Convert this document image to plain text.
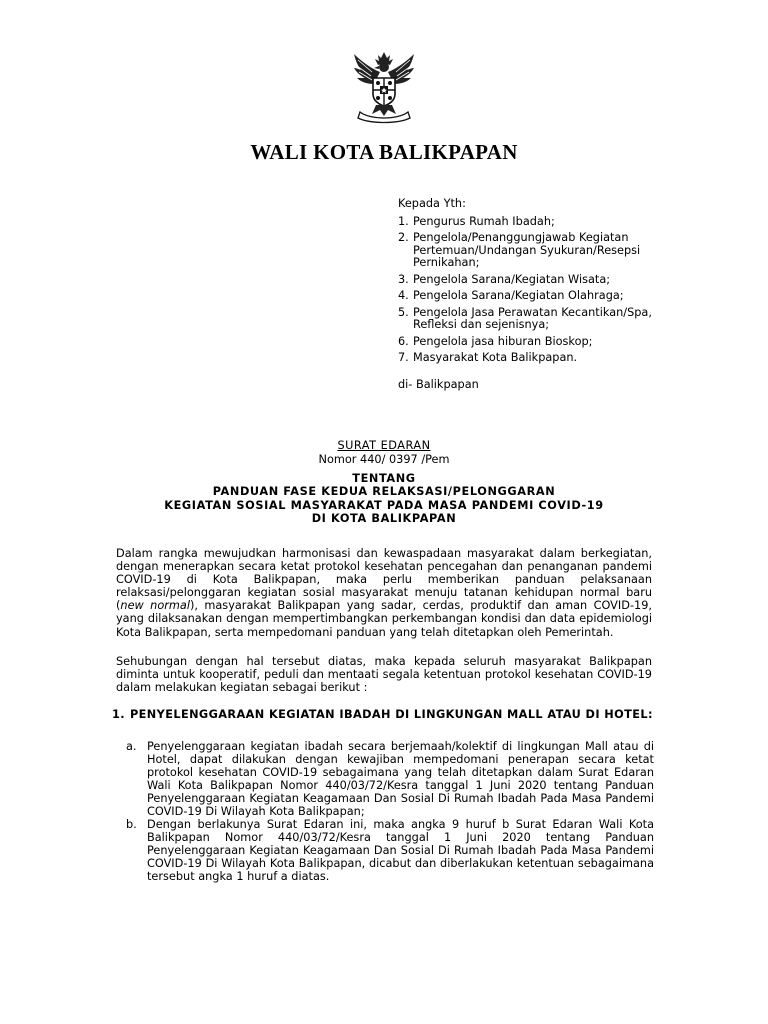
WALI KOTA BALIKPAPAN
Kepada Yth:
1. Pengurus Rumah Ibadah;
2. Pengelola/Penanggungjawab Kegiatan Pertemuan/Undangan Syukuran/Resepsi Pernikahan;
3. Pengelola Sarana/Kegiatan Wisata;
4. Pengelola Sarana/Kegiatan Olahraga;
5. Pengelola Jasa Perawatan Kecantikan/Spa, Refleksi dan sejenisnya;
6. Pengelola jasa hiburan Bioskop;
7. Masyarakat Kota Balikpapan.
di- Balikpapan
SURAT EDARAN
Nomor 440/ 0397 /Pem
TENTANG
PANDUAN FASE KEDUA RELAKSASI/PELONGGARAN
KEGIATAN SOSIAL MASYARAKAT PADA MASA PANDEMI COVID-19
DI KOTA BALIKPAPAN
Dalam rangka mewujudkan harmonisasi dan kewaspadaan masyarakat dalam berkegiatan, dengan menerapkan secara ketat protokol kesehatan pencegahan dan penanganan pandemi COVID-19 di Kota Balikpapan, maka perlu memberikan panduan pelaksanaan relaksasi/pelonggaran kegiatan sosial masyarakat menuju tatanan kehidupan normal baru (new normal), masyarakat Balikpapan yang sadar, cerdas, produktif dan aman COVID-19, yang dilaksanakan dengan mempertimbangkan perkembangan kondisi dan data epidemiologi Kota Balikpapan, serta mempedomani panduan yang telah ditetapkan oleh Pemerintah.
Sehubungan dengan hal tersebut diatas, maka kepada seluruh masyarakat Balikpapan diminta untuk kooperatif, peduli dan mentaati segala ketentuan protokol kesehatan COVID-19 dalam melakukan kegiatan sebagai berikut :
1. PENYELENGGARAAN KEGIATAN IBADAH DI LINGKUNGAN MALL ATAU DI HOTEL:
a. Penyelenggaraan kegiatan ibadah secara berjemaah/kolektif di lingkungan Mall atau di Hotel, dapat dilakukan dengan kewajiban mempedomani penerapan secara ketat protokol kesehatan COVID-19 sebagaimana yang telah ditetapkan dalam Surat Edaran Wali Kota Balikpapan Nomor 440/03/72/Kesra tanggal 1 Juni 2020 tentang Panduan Penyelenggaraan Kegiatan Keagamaan Dan Sosial Di Rumah Ibadah Pada Masa Pandemi COVID-19 Di Wilayah Kota Balikpapan;
b. Dengan berlakunya Surat Edaran ini, maka angka 9 huruf b Surat Edaran Wali Kota Balikpapan Nomor 440/03/72/Kesra tanggal 1 Juni 2020 tentang Panduan Penyelenggaraan Kegiatan Keagamaan Dan Sosial Di Rumah Ibadah Pada Masa Pandemi COVID-19 Di Wilayah Kota Balikpapan, dicabut dan diberlakukan ketentuan sebagaimana tersebut angka 1 huruf a diatas.
